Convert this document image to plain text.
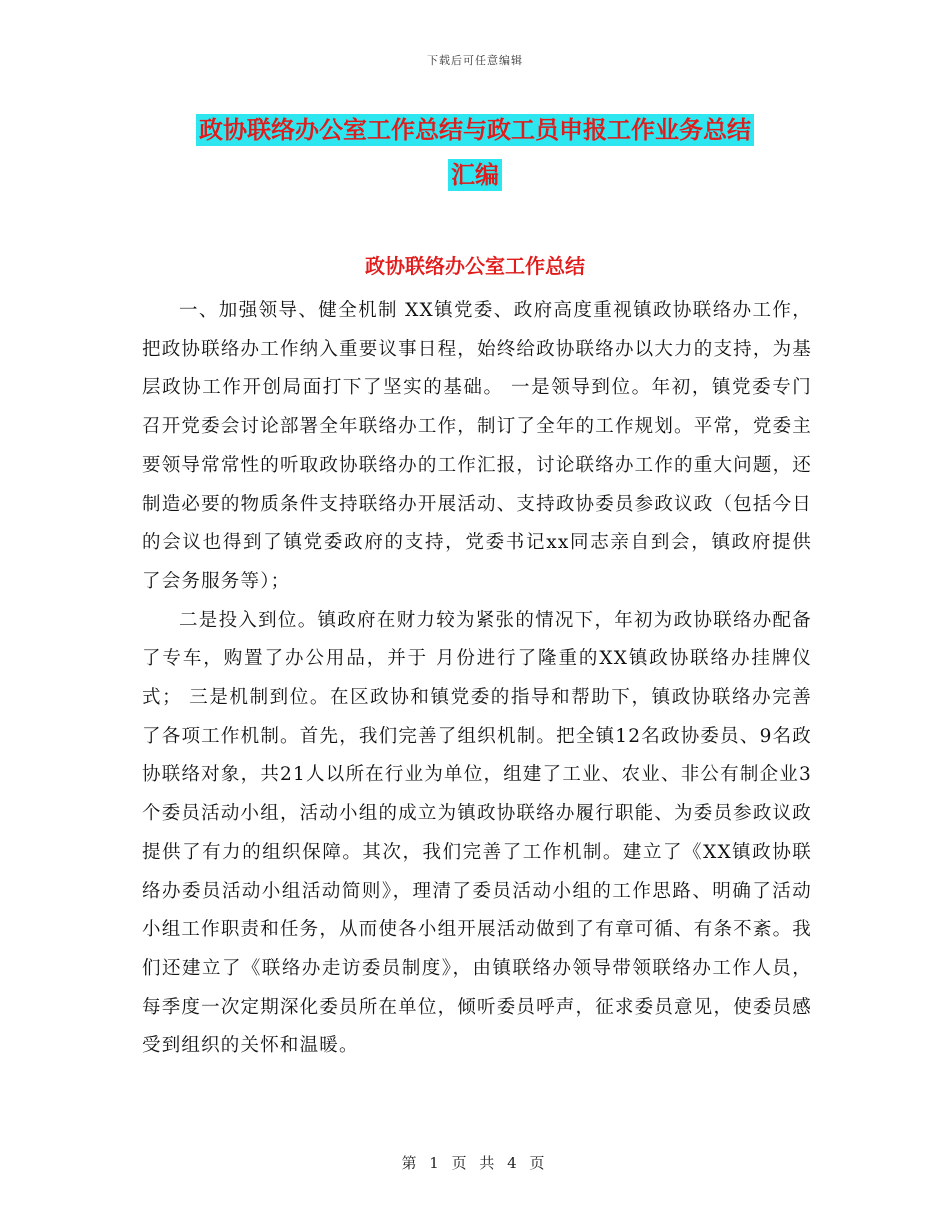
下载后可任意编辑
政协联络办公室工作总结与政工员申报工作业务总结
汇编
政协联络办公室工作总结

一、加强领导、健全机制 XX镇党委、政府高度重视镇政协联络办工作，把政协联络办工作纳入重要议事日程，始终给政协联络办以大力的支持，为基层政协工作开创局面打下了坚实的基础。 一是领导到位。年初，镇党委专门召开党委会讨论部署全年联络办工作，制订了全年的工作规划。平常，党委主要领导常常性的听取政协联络办的工作汇报，讨论联络办工作的重大问题，还制造必要的物质条件支持联络办开展活动、支持政协委员参政议政（包括今日的会议也得到了镇党委政府的支持，党委书记xx同志亲自到会，镇政府提供了会务服务等）；

二是投入到位。镇政府在财力较为紧张的情况下，年初为政协联络办配备了专车，购置了办公用品，并于 月份进行了隆重的XX镇政协联络办挂牌仪式； 三是机制到位。在区政协和镇党委的指导和帮助下，镇政协联络办完善了各项工作机制。首先，我们完善了组织机制。把全镇12名政协委员、9名政协联络对象，共21人以所在行业为单位，组建了工业、农业、非公有制企业3个委员活动小组，活动小组的成立为镇政协联络办履行职能、为委员参政议政提供了有力的组织保障。其次，我们完善了工作机制。建立了《XX镇政协联络办委员活动小组活动简则》，理清了委员活动小组的工作思路、明确了活动小组工作职责和任务，从而使各小组开展活动做到了有章可循、有条不紊。我们还建立了《联络办走访委员制度》，由镇联络办领导带领联络办工作人员，每季度一次定期深化委员所在单位，倾听委员呼声，征求委员意见，使委员感受到组织的关怀和温暖。

第 1 页 共 4 页
